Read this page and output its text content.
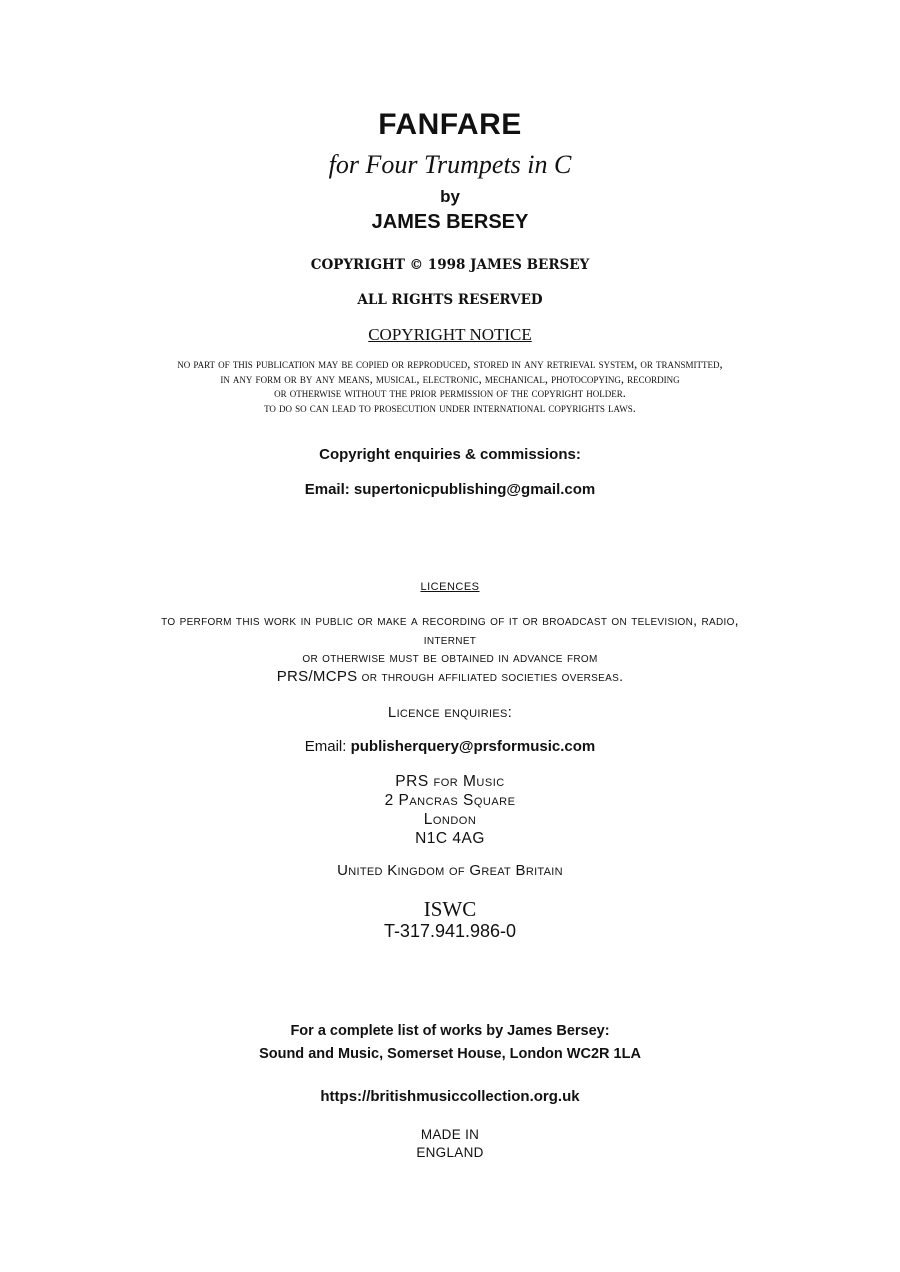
FANFARE
for Four Trumpets in C
by
JAMES BERSEY
COPYRIGHT © 1998 JAMES BERSEY
ALL RIGHTS RESERVED
COPYRIGHT NOTICE
no part of this publication may be copied or reproduced, stored in any retrieval system, or transmitted,
in any form or by any means, musical, electronic, mechanical, photocopying, recording
or otherwise without the prior permission of the copyright holder.
to do so can lead to prosecution under international copyrights laws.
Copyright enquiries & commissions:
Email: supertonicpublishing@gmail.com
licences
to perform this work in public or make a recording of it or broadcast on television, radio,
internet
or otherwise must be obtained in advance from
PRS/MCPS or through affiliated societies overseas.
Licence enquiries:
Email: publisherquery@prsformusic.com
PRS for Music
2 Pancras Square
London
N1C 4AG
United Kingdom of Great Britain
ISWC
T-317.941.986-0
For a complete list of works by James Bersey:
Sound and Music, Somerset House, London WC2R 1LA
https://britishmusiccollection.org.uk
MADE IN
ENGLAND
